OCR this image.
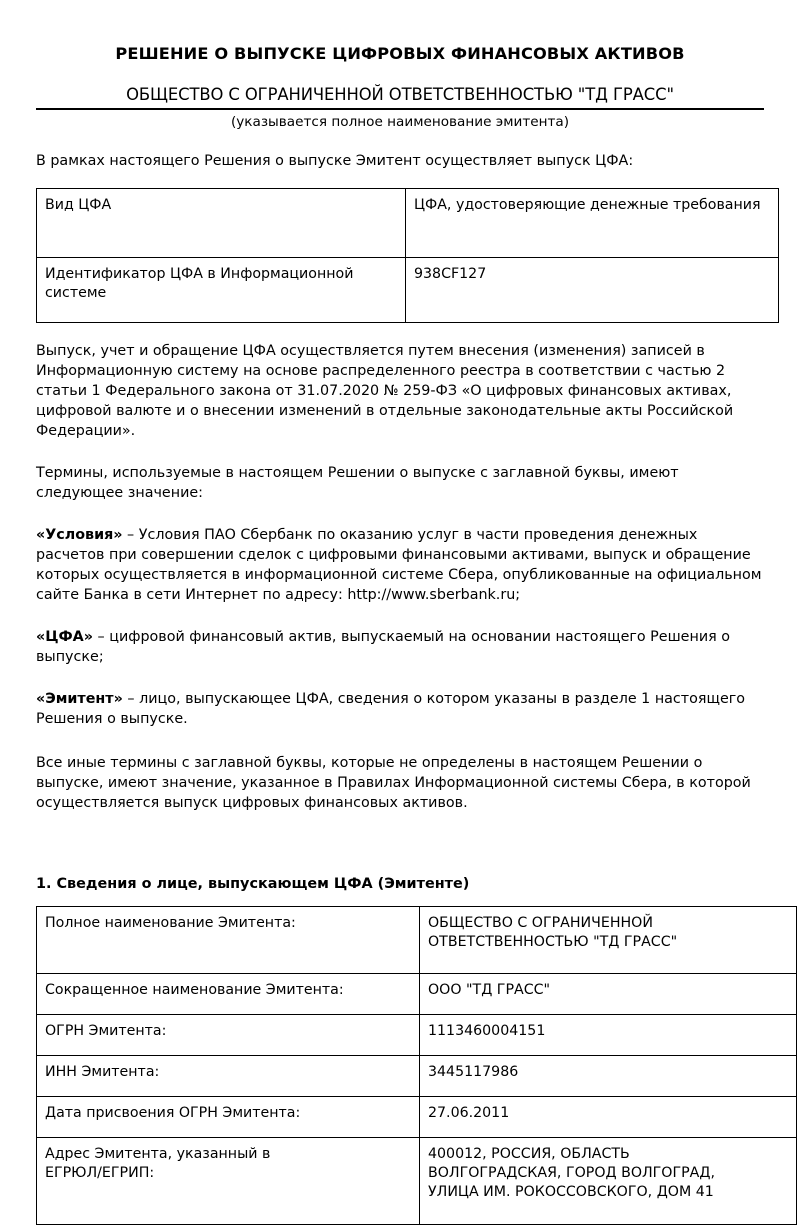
РЕШЕНИЕ О ВЫПУСКЕ ЦИФРОВЫХ ФИНАНСОВЫХ АКТИВОВ
ОБЩЕСТВО С ОГРАНИЧЕННОЙ ОТВЕТСТВЕННОСТЬЮ "ТД ГРАСС"
(указывается полное наименование эмитента)

В рамках настоящего Решения о выпуске Эмитент осуществляет выпуск ЦФА:

Вид ЦФА	ЦФА, удостоверяющие денежные требования
Идентификатор ЦФА в Информационной системе	938CF127

Выпуск, учет и обращение ЦФА осуществляется путем внесения (изменения) записей в Информационную систему на основе распределенного реестра в соответствии с частью 2 статьи 1 Федерального закона от 31.07.2020 № 259-ФЗ «О цифровых финансовых активах, цифровой валюте и о внесении изменений в отдельные законодательные акты Российской Федерации».

Термины, используемые в настоящем Решении о выпуске с заглавной буквы, имеют следующее значение:

«Условия» – Условия ПАО Сбербанк по оказанию услуг в части проведения денежных расчетов при совершении сделок с цифровыми финансовыми активами, выпуск и обращение которых осуществляется в информационной системе Сбера, опубликованные на официальном сайте Банка в сети Интернет по адресу: http://www.sberbank.ru;

«ЦФА» – цифровой финансовый актив, выпускаемый на основании настоящего Решения о выпуске;

«Эмитент» – лицо, выпускающее ЦФА, сведения о котором указаны в разделе 1 настоящего Решения о выпуске.

Все иные термины с заглавной буквы, которые не определены в настоящем Решении о выпуске, имеют значение, указанное в Правилах Информационной системы Сбера, в которой осуществляется выпуск цифровых финансовых активов.

1. Сведения о лице, выпускающем ЦФА (Эмитенте)
Полное наименование Эмитента:	ОБЩЕСТВО С ОГРАНИЧЕННОЙ
ОТВЕТСТВЕННОСТЬЮ "ТД ГРАСС"

Сокращенное наименование Эмитента:	ООО "ТД ГРАСС"

ОГРН Эмитента:	1113460004151

ИНН Эмитента:	3445117986

Дата присвоения ОГРН Эмитента:	27.06.2011

Адрес Эмитента, указанный в
ЕГРЮЛ/ЕГРИП:	400012, РОССИЯ, ОБЛАСТЬ
ВОЛГОГРАДСКАЯ, ГОРОД ВОЛГОГРАД,
УЛИЦА ИМ. РОКОССОВСКОГО, ДОМ 41
